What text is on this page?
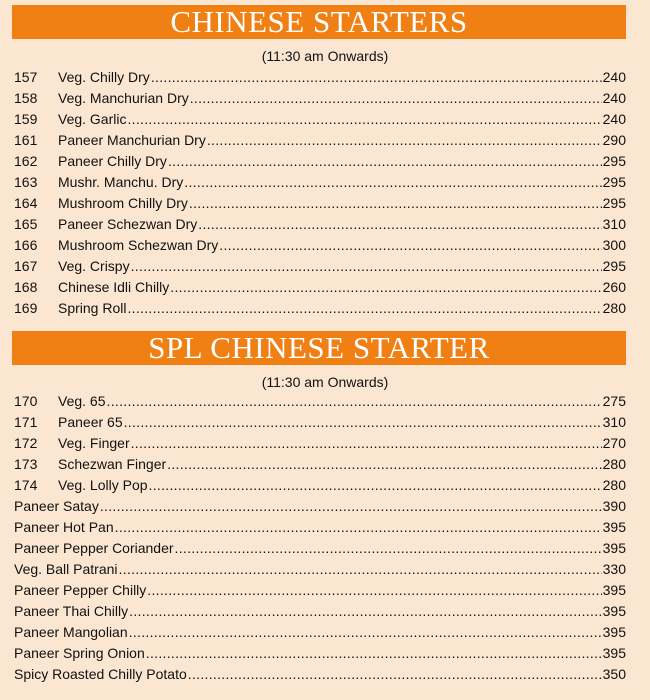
CHINESE STARTERS
(11:30 am Onwards)
157	Veg. Chilly Dry .....	240
158	Veg. Manchurian Dry .....	240
159	Veg. Garlic .....	240
161	Paneer Manchurian Dry .....	290
162	Paneer Chilly Dry .....	295
163	Mushr. Manchu. Dry .....	295
164	Mushroom Chilly Dry .....	295
165	Paneer Schezwan Dry .....	310
166	Mushroom Schezwan Dry .....	300
167	Veg. Crispy .....	295
168	Chinese Idli Chilly .....	260
169	Spring Roll .....	280
SPL CHINESE STARTER
(11:30 am Onwards)
170	Veg. 65 .....	275
171	Paneer 65 .....	310
172	Veg. Finger .....	270
173	Schezwan Finger .....	280
174	Veg. Lolly Pop .....	280
Paneer Satay .....	390
Paneer Hot Pan .....	395
Paneer Pepper Coriander .....	395
Veg. Ball Patrani .....	330
Paneer Pepper Chilly .....	395
Paneer Thai Chilly .....	395
Paneer Mangolian .....	395
Paneer Spring Onion .....	395
Spicy Roasted Chilly Potato .....	350
